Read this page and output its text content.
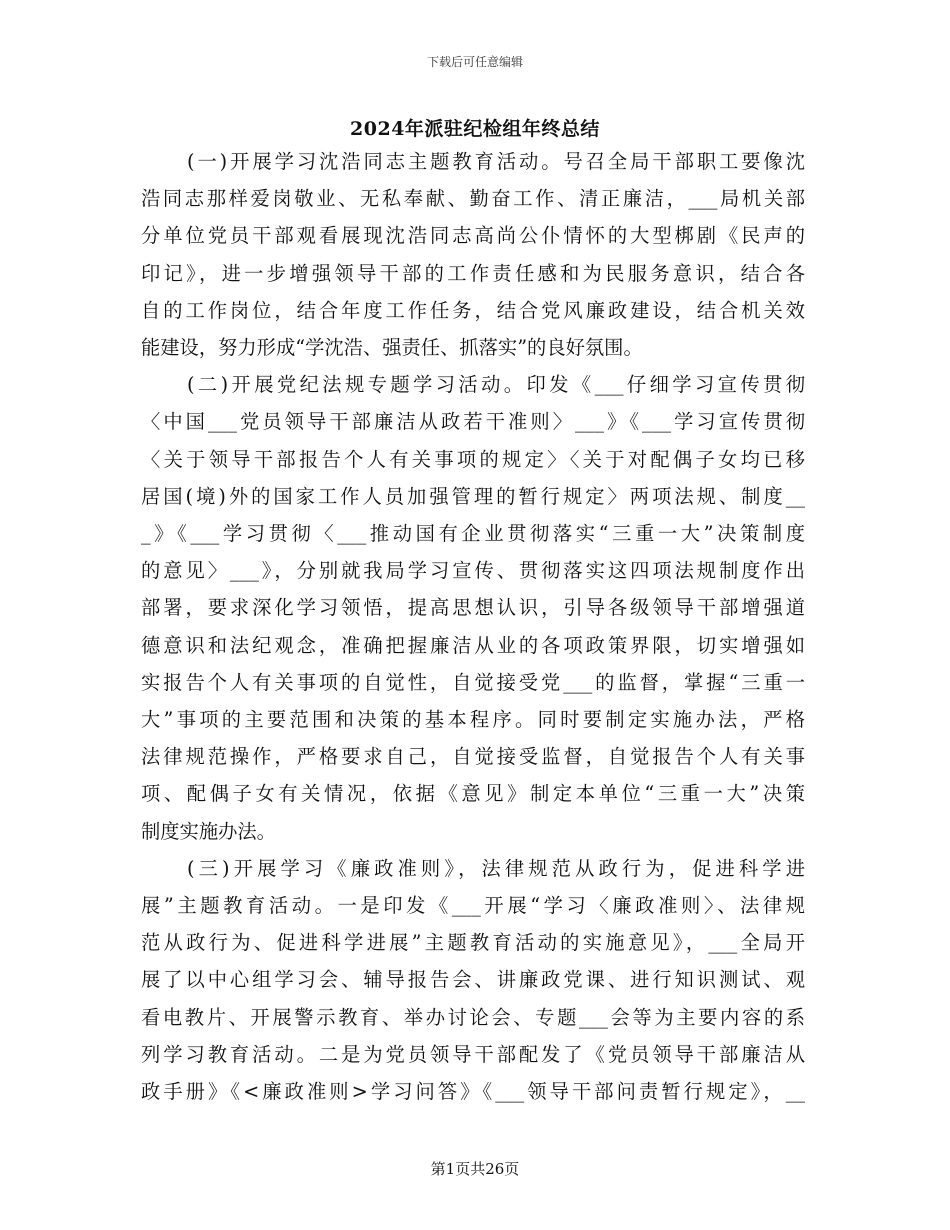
下载后可任意编辑
2024年派驻纪检组年终总结
(一)开展学习沈浩同志主题教育活动。号召全局干部职工要像沈
浩同志那样爱岗敬业、无私奉献、勤奋工作、清正廉洁，___局机关部
分单位党员干部观看展现沈浩同志高尚公仆情怀的大型梆剧《民声的
印记》，进一步增强领导干部的工作责任感和为民服务意识，结合各
自的工作岗位，结合年度工作任务，结合党风廉政建设，结合机关效
能建设，努力形成“学沈浩、强责任、抓落实”的良好氛围。
(二)开展党纪法规专题学习活动。印发《___仔细学习宣传贯彻
〈中国___党员领导干部廉洁从政若干准则〉___》《___学习宣传贯彻
〈关于领导干部报告个人有关事项的规定〉〈关于对配偶子女均已移
居国(境)外的国家工作人员加强管理的暂行规定〉两项法规、制度__
_》《___学习贯彻〈___推动国有企业贯彻落实“三重一大”决策制度
的意见〉___》，分别就我局学习宣传、贯彻落实这四项法规制度作出
部署，要求深化学习领悟，提高思想认识，引导各级领导干部增强道
德意识和法纪观念，准确把握廉洁从业的各项政策界限，切实增强如
实报告个人有关事项的自觉性，自觉接受党___的监督，掌握“三重一
大”事项的主要范围和决策的基本程序。同时要制定实施办法，严格
法律规范操作，严格要求自己，自觉接受监督，自觉报告个人有关事
项、配偶子女有关情况，依据《意见》制定本单位“三重一大”决策
制度实施办法。
(三)开展学习《廉政准则》，法律规范从政行为，促进科学进
展”主题教育活动。一是印发《___开展“学习〈廉政准则〉、法律规
范从政行为、促进科学进展”主题教育活动的实施意见》，___全局开
展了以中心组学习会、辅导报告会、讲廉政党课、进行知识测试、观
看电教片、开展警示教育、举办讨论会、专题___会等为主要内容的系
列学习教育活动。二是为党员领导干部配发了《党员领导干部廉洁从
政手册》《<廉政准则>学习问答》《___领导干部问责暂行规定》，__
第1页共26页
